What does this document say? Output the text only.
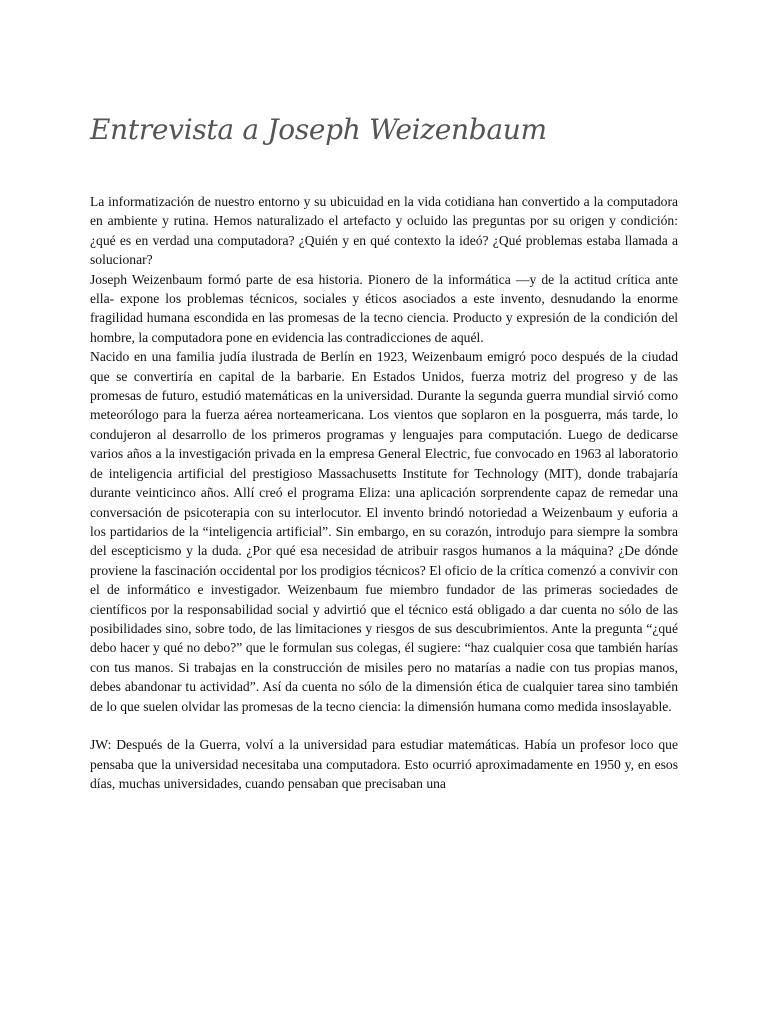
Entrevista a Joseph Weizenbaum

La informatización de nuestro entorno y su ubicuidad en la vida cotidiana han convertido a la computadora en ambiente y rutina. Hemos naturalizado el artefacto y ocluido las preguntas por su origen y condición: ¿qué es en verdad una computadora? ¿Quién y en qué contexto la ideó? ¿Qué problemas estaba llamada a solucionar?

Joseph Weizenbaum formó parte de esa historia. Pionero de la informática —y de la actitud crítica ante ella- expone los problemas técnicos, sociales y éticos asociados a este invento, desnudando la enorme fragilidad humana escondida en las promesas de la tecno ciencia. Producto y expresión de la condición del hombre, la computadora pone en evidencia las contradicciones de aquél.

Nacido en una familia judía ilustrada de Berlín en 1923, Weizenbaum emigró poco después de la ciudad que se convertiría en capital de la barbarie. En Estados Unidos, fuerza motriz del progreso y de las promesas de futuro, estudió matemáticas en la universidad. Durante la segunda guerra mundial sirvió como meteorólogo para la fuerza aérea norteamericana. Los vientos que soplaron en la posguerra, más tarde, lo condujeron al desarrollo de los primeros programas y lenguajes para computación. Luego de dedicarse varios años a la investigación privada en la empresa General Electric, fue convocado en 1963 al laboratorio de inteligencia artificial del prestigioso Massachusetts Institute for Technology (MIT), donde trabajaría durante veinticinco años. Allí creó el programa Eliza: una aplicación sorprendente capaz de remedar una conversación de psicoterapia con su interlocutor. El invento brindó notoriedad a Weizenbaum y euforia a los partidarios de la “inteligencia artificial”. Sin embargo, en su corazón, introdujo para siempre la sombra del escepticismo y la duda. ¿Por qué esa necesidad de atribuir rasgos humanos a la máquina? ¿De dónde proviene la fascinación occidental por los prodigios técnicos? El oficio de la crítica comenzó a convivir con el de informático e investigador. Weizenbaum fue miembro fundador de las primeras sociedades de científicos por la responsabilidad social y advirtió que el técnico está obligado a dar cuenta no sólo de las posibilidades sino, sobre todo, de las limitaciones y riesgos de sus descubrimientos. Ante la pregunta “¿qué debo hacer y qué no debo?” que le formulan sus colegas, él sugiere: “haz cualquier cosa que también harías con tus manos. Si trabajas en la construcción de misiles pero no matarías a nadie con tus propias manos, debes abandonar tu actividad”. Así da cuenta no sólo de la dimensión ética de cualquier tarea sino también de lo que suelen olvidar las promesas de la tecno ciencia: la dimensión humana como medida insoslayable.

JW: Después de la Guerra, volví a la universidad para estudiar matemáticas. Había un profesor loco que pensaba que la universidad necesitaba una computadora. Esto ocurrió aproximadamente en 1950 y, en esos días, muchas universidades, cuando pensaban que precisaban una
